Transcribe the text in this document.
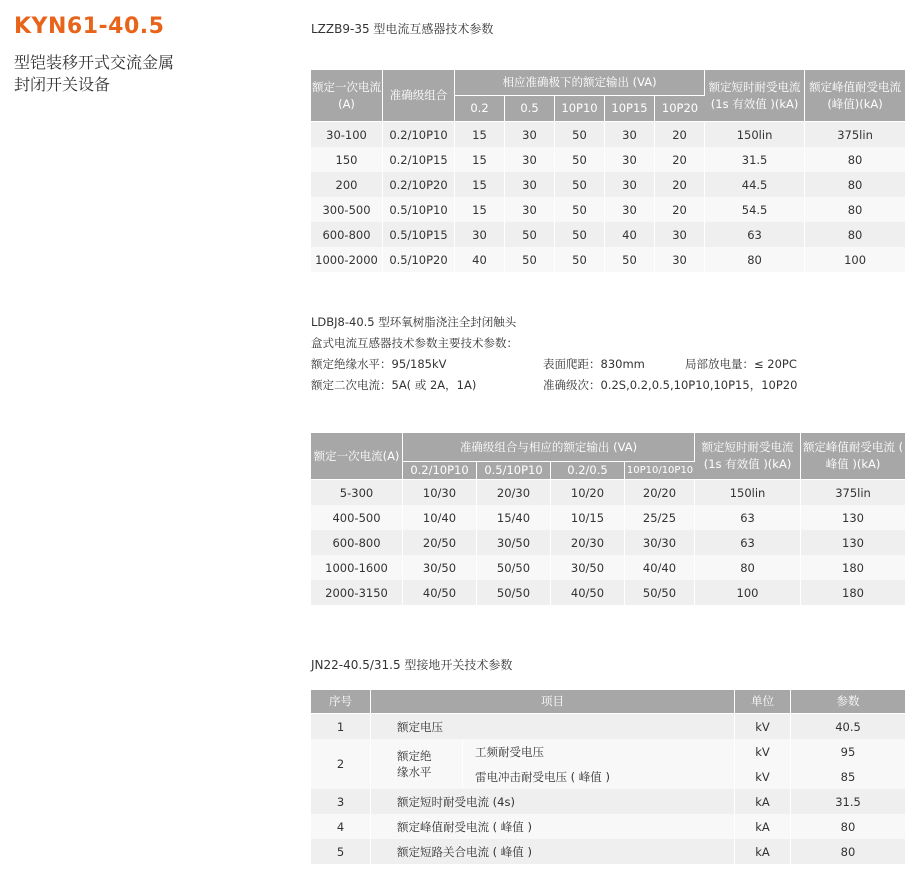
KYN61-40.5
型铠装移开式交流金属
封闭开关设备
LZZB9-35 型电流互感器技术参数
额定一次电流 (A)	准确级组合	相应准确极下的额定输出 (VA)					额定短时耐受电流 (1s 有效值 )(kA)	额定峰值耐受电流(峰值)(kA)
		0.2	0.5	10P10	10P15	10P20		
30-100	0.2/10P10	15	30	50	30	20	150lin	375lin
150	0.2/10P15	15	30	50	30	20	31.5	80
200	0.2/10P20	15	30	50	30	20	44.5	80
300-500	0.5/10P10	15	30	50	30	20	54.5	80
600-800	0.5/10P15	30	50	50	40	30	63	80
1000-2000	0.5/10P20	40	50	50	50	30	80	100
LDBJ8-40.5 型环氧树脂浇注全封闭触头
盒式电流互感器技术参数主要技术参数：
额定绝缘水平：95/185kV	表面爬距：830mm	局部放电量：≤ 20PC
额定二次电流：5A( 或 2A，1A)	准确级次：0.2S,0.2,0.5,10P10,10P15，10P20
额定一次电流(A)	准确级组合与相应的额定输出 (VA)				额定短时耐受电流 (1s 有效值 )(kA)	额定峰值耐受电流 ( 峰值 )(kA)
	0.2/10P10	0.5/10P10	0.2/0.5	10P10/10P10		
5-300	10/30	20/30	10/20	20/20	150lin	375lin
400-500	10/40	15/40	10/15	25/25	63	130
600-800	20/50	30/50	20/30	30/30	63	130
1000-1600	30/50	50/50	30/50	40/40	80	180
2000-3150	40/50	50/50	40/50	50/50	100	180
JN22-40.5/31.5 型接地开关技术参数
序号	项目		单位	参数
1	额定电压		kV	40.5
2	额定绝缘水平	工频耐受电压	kV	95
		雷电冲击耐受电压 ( 峰值 )	kV	85
3	额定短时耐受电流 (4s)		kA	31.5
4	额定峰值耐受电流 ( 峰值 )		kA	80
5	额定短路关合电流 ( 峰值 )		kA	80
